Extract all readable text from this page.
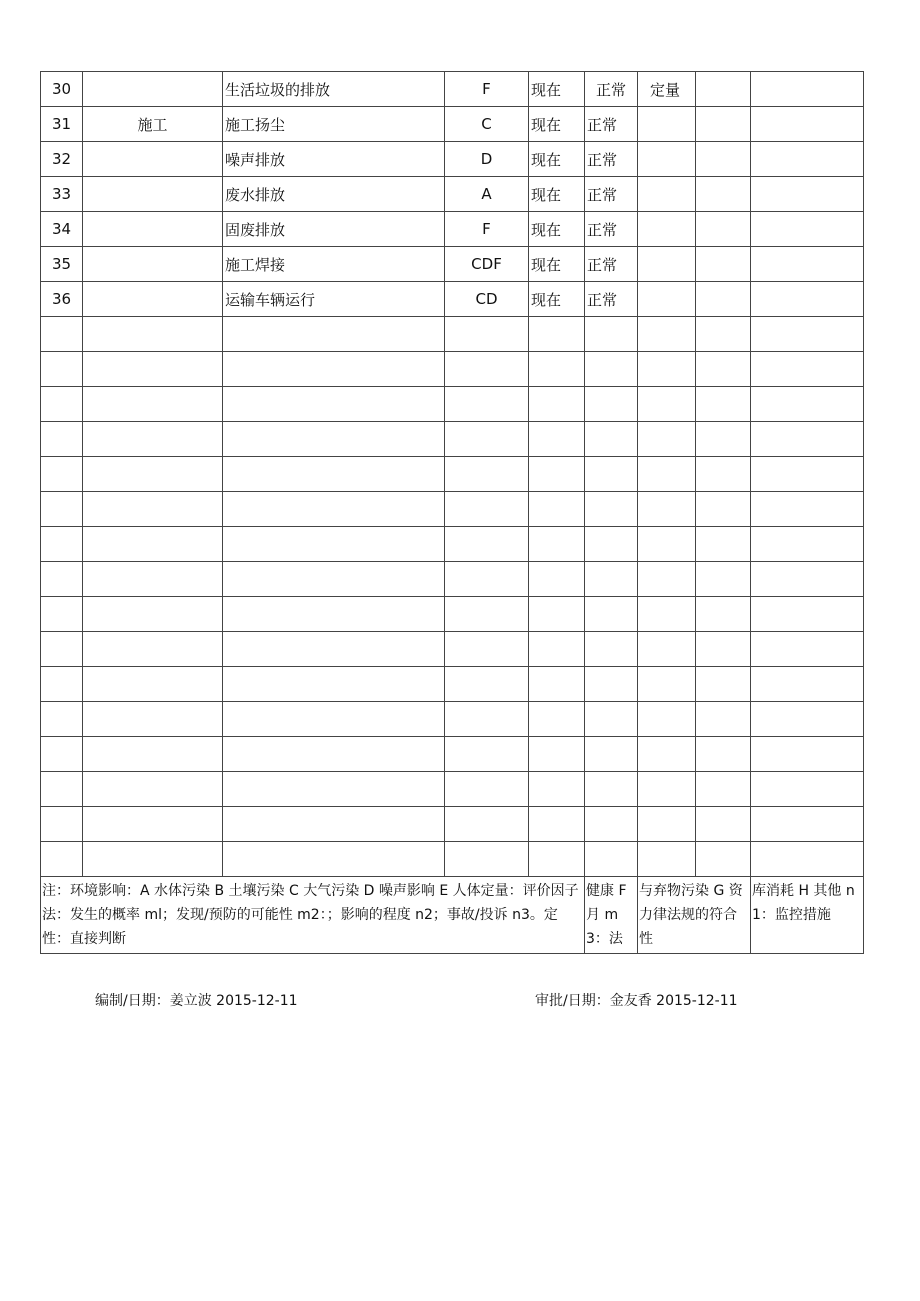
30		生活垃圾的排放	F	现在	正常	定量		
31	施工	施工扬尘	C	现在	正常			
32		噪声排放	D	现在	正常			
33		废水排放	A	现在	正常			
34		固废排放	F	现在	正常			
35		施工焊接	CDF	现在	正常			
36		运输车辆运行	CD	现在	正常			

注：环境影响：A 水体污染 B 土壤污染 C 大气污染 D 噪声影响 E 人体定量：评价因子法：发生的概率 ml；发现/预防的可能性 m2：；影响的程度 n2；事故/投诉 n3。定性：直接判断					健康 F 月 m3：法	与弃物污染 G 资力律法规的符合性		库消耗 H 其他 n1：监控措施
编制/日期：姜立波 2015-12-11	审批/日期：金友香 2015-12-11
